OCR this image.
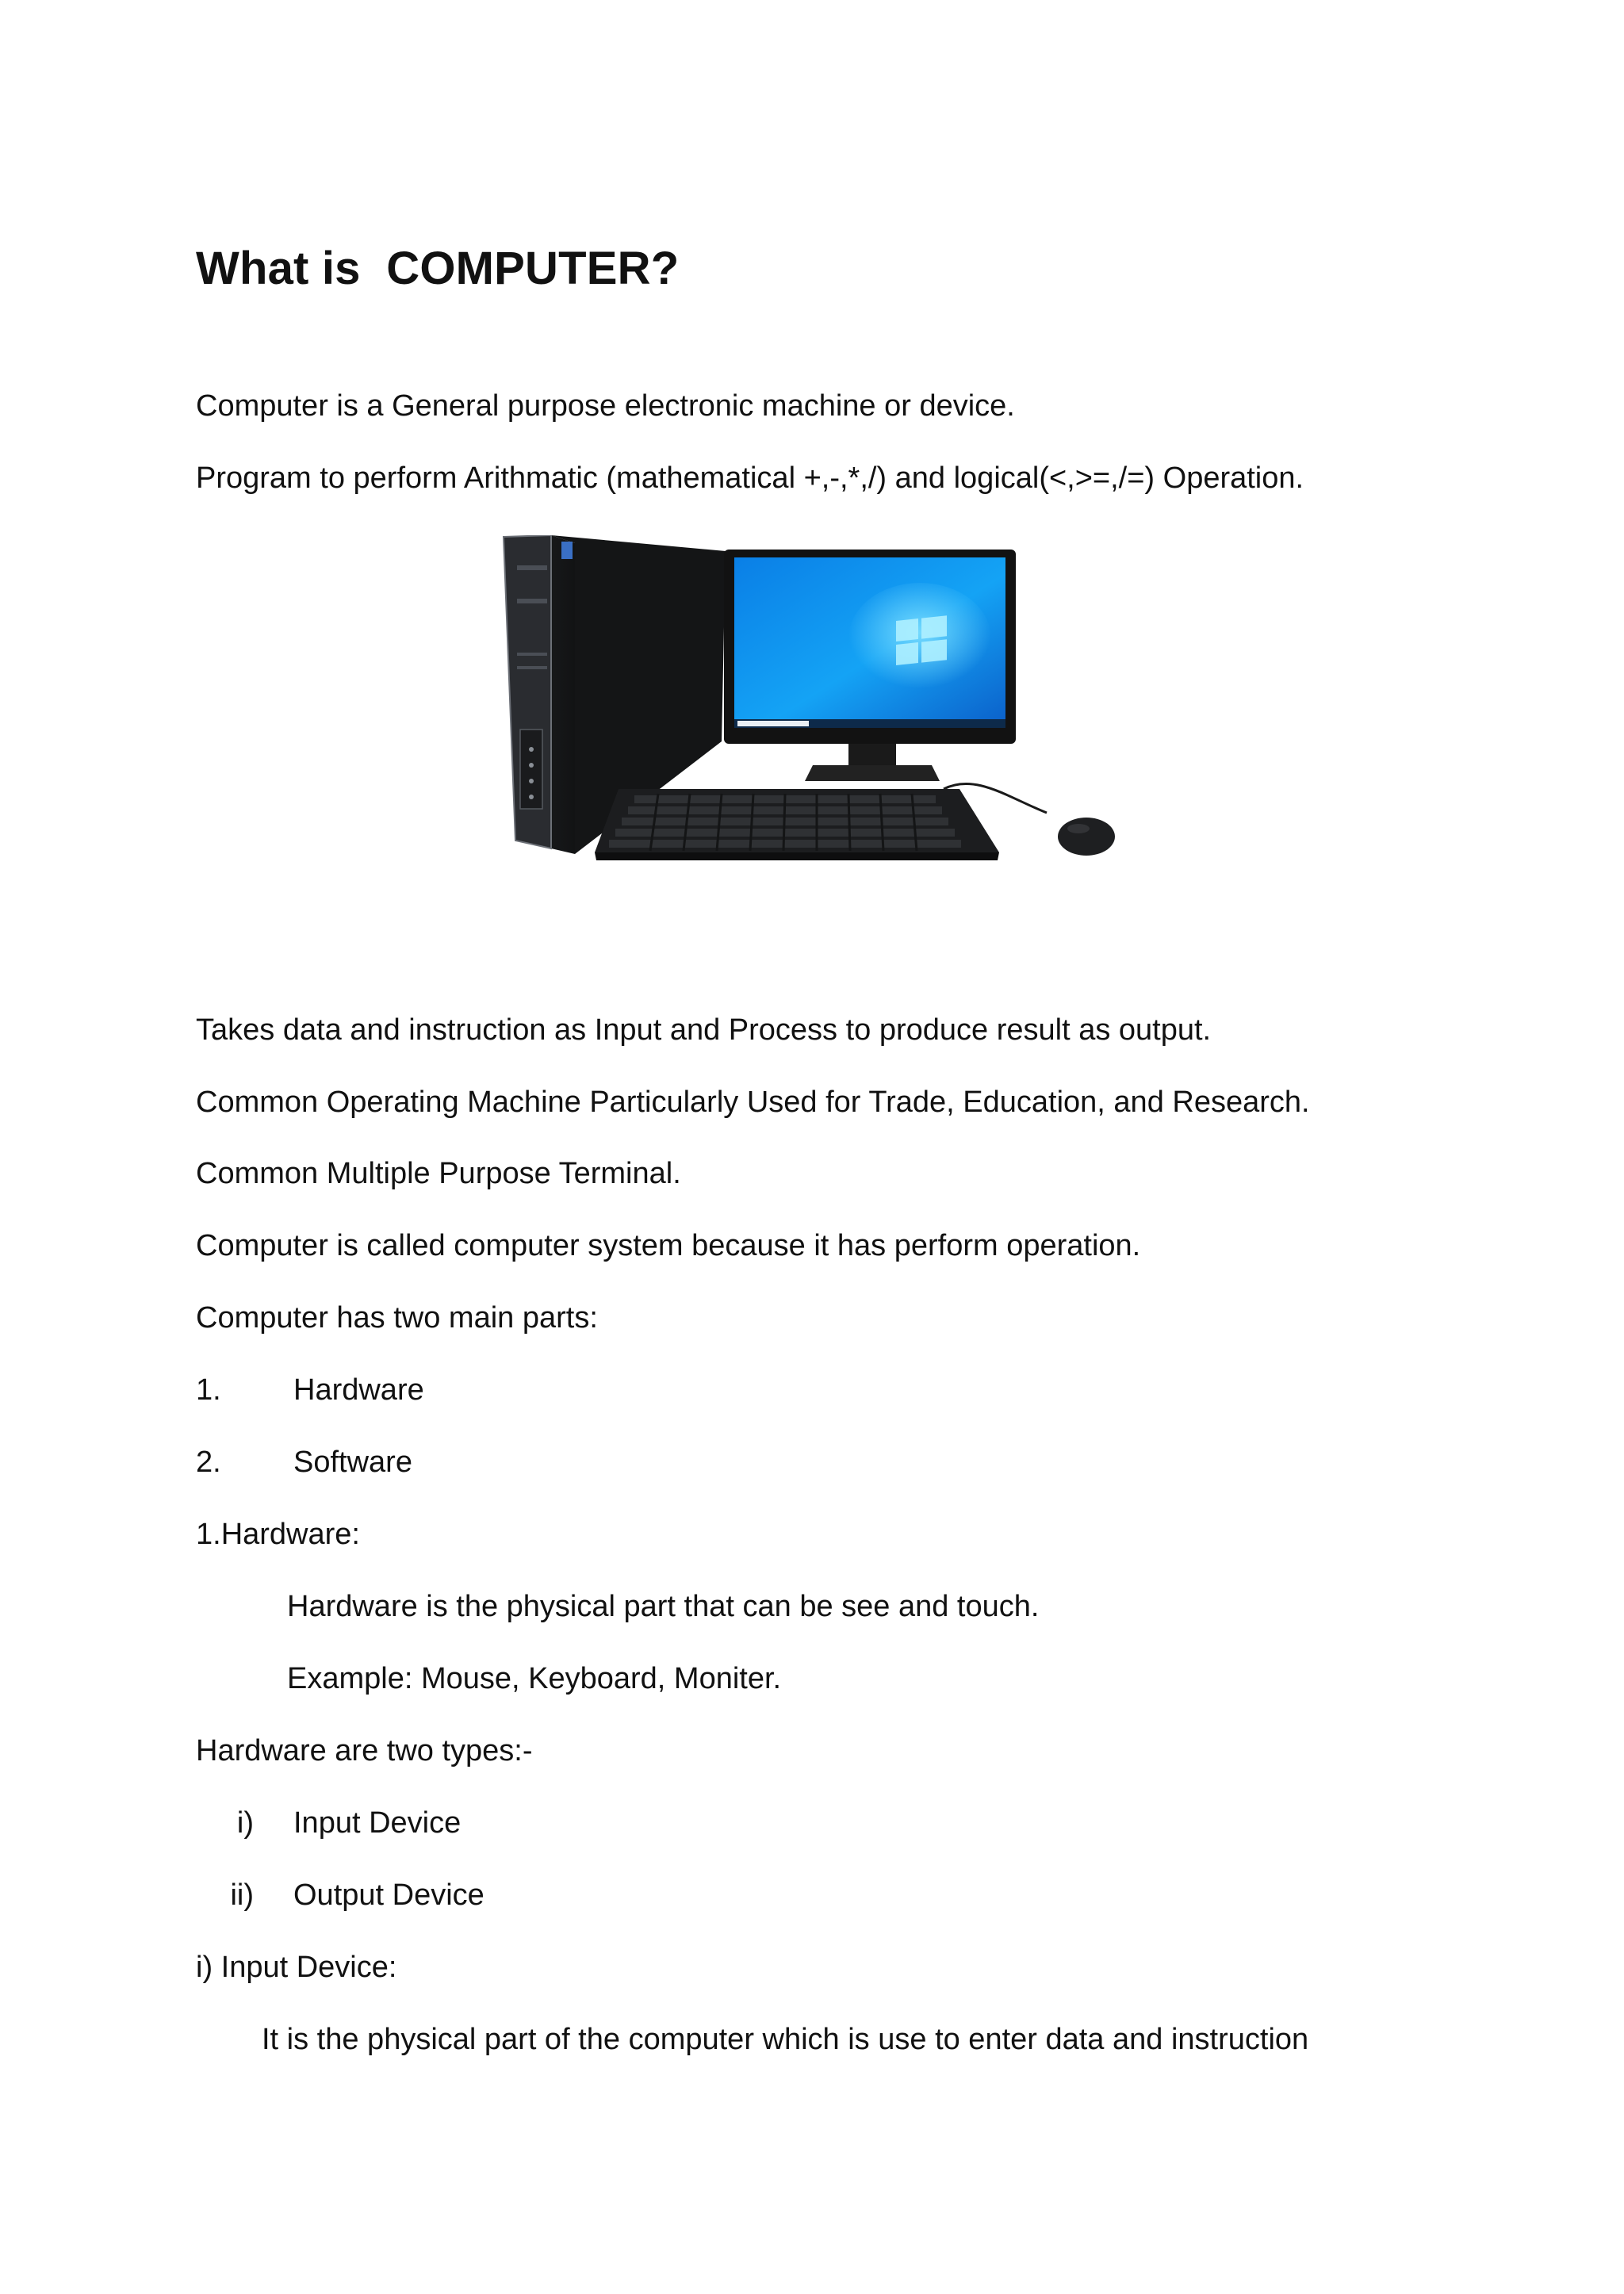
What is  COMPUTER?
Computer is a General purpose electronic machine or device.
Program to perform Arithmatic (mathematical +,-,*,/) and logical(<,>=,/=) Operation.
Takes data and instruction as Input and Process to produce result as output.
Common Operating Machine Particularly Used for Trade, Education, and Research.
Common Multiple Purpose Terminal.
Computer is called computer system because it has perform operation.
Computer has two main parts:
1. Hardware
2. Software
1.Hardware:
Hardware is the physical part that can be see and touch.
Example: Mouse, Keyboard, Moniter.
Hardware are two types:-
i) Input Device
ii) Output Device
i) Input Device:
It is the physical part of the computer which is use to enter data and instruction
